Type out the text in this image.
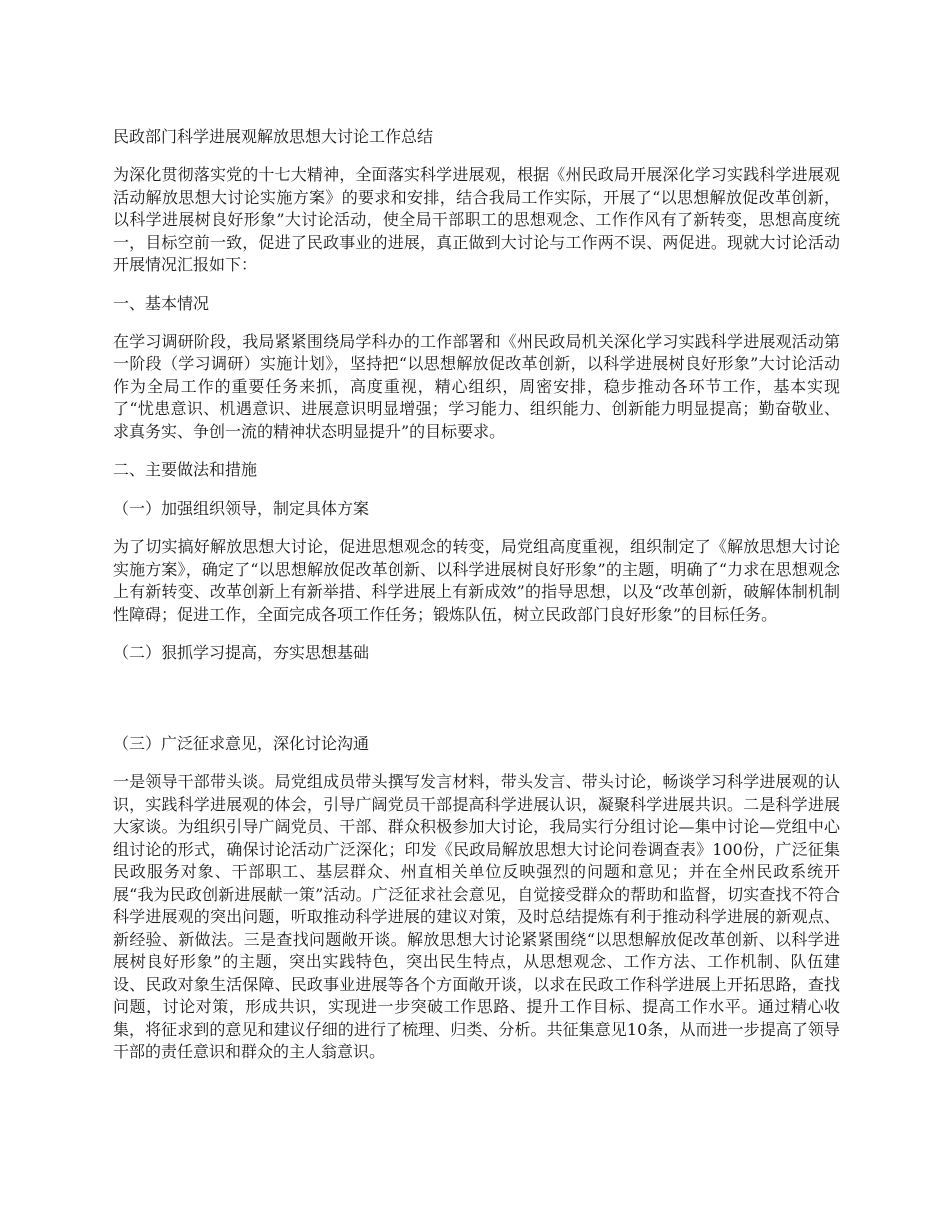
民政部门科学进展观解放思想大讨论工作总结
为深化贯彻落实党的十七大精神，全面落实科学进展观，根据《州民政局开展深化学习实践科学进展观活动解放思想大讨论实施方案》的要求和安排，结合我局工作实际，开展了“以思想解放促改革创新，以科学进展树良好形象”大讨论活动，使全局干部职工的思想观念、工作作风有了新转变，思想高度统一，目标空前一致，促进了民政事业的进展，真正做到大讨论与工作两不误、两促进。现就大讨论活动开展情况汇报如下：
一、基本情况
在学习调研阶段，我局紧紧围绕局学科办的工作部署和《州民政局机关深化学习实践科学进展观活动第一阶段（学习调研）实施计划》，坚持把“以思想解放促改革创新，以科学进展树良好形象”大讨论活动作为全局工作的重要任务来抓，高度重视，精心组织，周密安排，稳步推动各环节工作，基本实现了“忧患意识、机遇意识、进展意识明显增强；学习能力、组织能力、创新能力明显提高；勤奋敬业、求真务实、争创一流的精神状态明显提升”的目标要求。
二、主要做法和措施
（一）加强组织领导，制定具体方案
为了切实搞好解放思想大讨论，促进思想观念的转变，局党组高度重视，组织制定了《解放思想大讨论实施方案》，确定了“以思想解放促改革创新、以科学进展树良好形象”的主题，明确了“力求在思想观念上有新转变、改革创新上有新举措、科学进展上有新成效”的指导思想，以及“改革创新，破解体制机制性障碍；促进工作，全面完成各项工作任务；锻炼队伍，树立民政部门良好形象”的目标任务。
（二）狠抓学习提高，夯实思想基础
（三）广泛征求意见，深化讨论沟通
一是领导干部带头谈。局党组成员带头撰写发言材料，带头发言、带头讨论，畅谈学习科学进展观的认识，实践科学进展观的体会，引导广阔党员干部提高科学进展认识，凝聚科学进展共识。二是科学进展大家谈。为组织引导广阔党员、干部、群众积极参加大讨论，我局实行分组讨论—集中讨论—党组中心组讨论的形式，确保讨论活动广泛深化；印发《民政局解放思想大讨论问卷调查表》100份，广泛征集民政服务对象、干部职工、基层群众、州直相关单位反映强烈的问题和意见；并在全州民政系统开展“我为民政创新进展献一策”活动。广泛征求社会意见，自觉接受群众的帮助和监督，切实查找不符合科学进展观的突出问题，听取推动科学进展的建议对策，及时总结提炼有利于推动科学进展的新观点、新经验、新做法。三是查找问题敞开谈。解放思想大讨论紧紧围绕“以思想解放促改革创新、以科学进展树良好形象”的主题，突出实践特色，突出民生特点，从思想观念、工作方法、工作机制、队伍建设、民政对象生活保障、民政事业进展等各个方面敞开谈，以求在民政工作科学进展上开拓思路，查找问题，讨论对策，形成共识，实现进一步突破工作思路、提升工作目标、提高工作水平。通过精心收集，将征求到的意见和建议仔细的进行了梳理、归类、分析。共征集意见10条，从而进一步提高了领导干部的责任意识和群众的主人翁意识。
